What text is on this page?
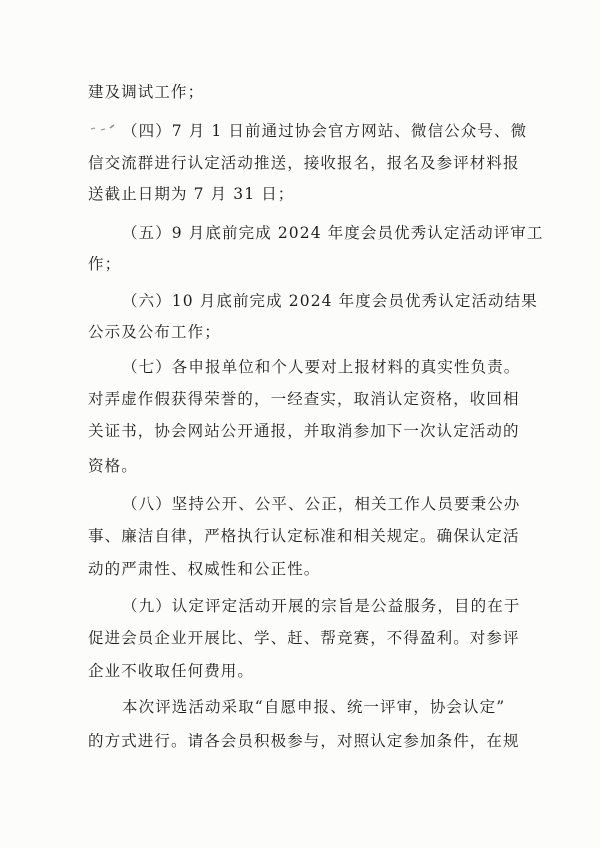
建及调试工作；
（四）7 月 1 日前通过协会官方网站、微信公众号、微
信交流群进行认定活动推送，接收报名，报名及参评材料报
送截止日期为 7 月 31 日；
（五）9 月底前完成 2024 年度会员优秀认定活动评审工
作；
（六）10 月底前完成 2024 年度会员优秀认定活动结果
公示及公布工作；
（七）各申报单位和个人要对上报材料的真实性负责。
对弄虚作假获得荣誉的，一经查实，取消认定资格，收回相
关证书，协会网站公开通报，并取消参加下一次认定活动的
资格。
（八）坚持公开、公平、公正，相关工作人员要秉公办
事、廉洁自律，严格执行认定标准和相关规定。确保认定活
动的严肃性、权威性和公正性。
（九）认定评定活动开展的宗旨是公益服务，目的在于
促进会员企业开展比、学、赶、帮竞赛，不得盈利。对参评
企业不收取任何费用。
本次评选活动采取“自愿申报、统一评审，协会认定”
的方式进行。请各会员积极参与，对照认定参加条件，在规
